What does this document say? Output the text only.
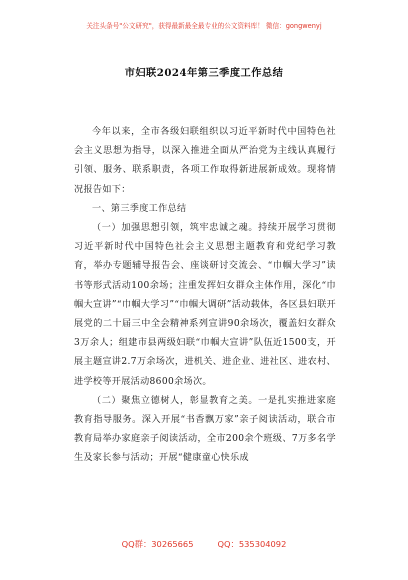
关注头条号"公文研究"，获得最新最全最专业的公文资料库！ 微信：gongwenyj
市妇联2024年第三季度工作总结

今年以来，全市各级妇联组织以习近平新时代中国特色社会主义思想为指导，以深入推进全面从严治党为主线认真履行引领、服务、联系职责，各项工作取得新进展新成效。现将情况报告如下：

一、第三季度工作总结

（一）加强思想引领，筑牢忠诚之魂。持续开展学习贯彻习近平新时代中国特色社会主义思想主题教育和党纪学习教育，举办专题辅导报告会、座谈研讨交流会、“巾帼大学习”读书等形式活动100余场；注重发挥妇女群众主体作用，深化“巾帼大宣讲”“巾帼大学习”“巾帼大调研”活动载体，各区县妇联开展党的二十届三中全会精神系列宣讲90余场次，覆盖妇女群众3万余人；组建市县两级妇联“巾帼大宣讲”队伍近1500支，开展主题宣讲2.7万余场次，进机关、进企业、进社区、进农村、进学校等开展活动8600余场次。

（二）聚焦立德树人，彰显教育之美。一是扎实推进家庭教育指导服务。深入开展“书香飘万家”亲子阅读活动，联合市教育局举办家庭亲子阅读活动，全市200余个班级、7万多名学生及家长参与活动；开展“健康童心快乐成

QQ群：30265665	QQ：535304092
